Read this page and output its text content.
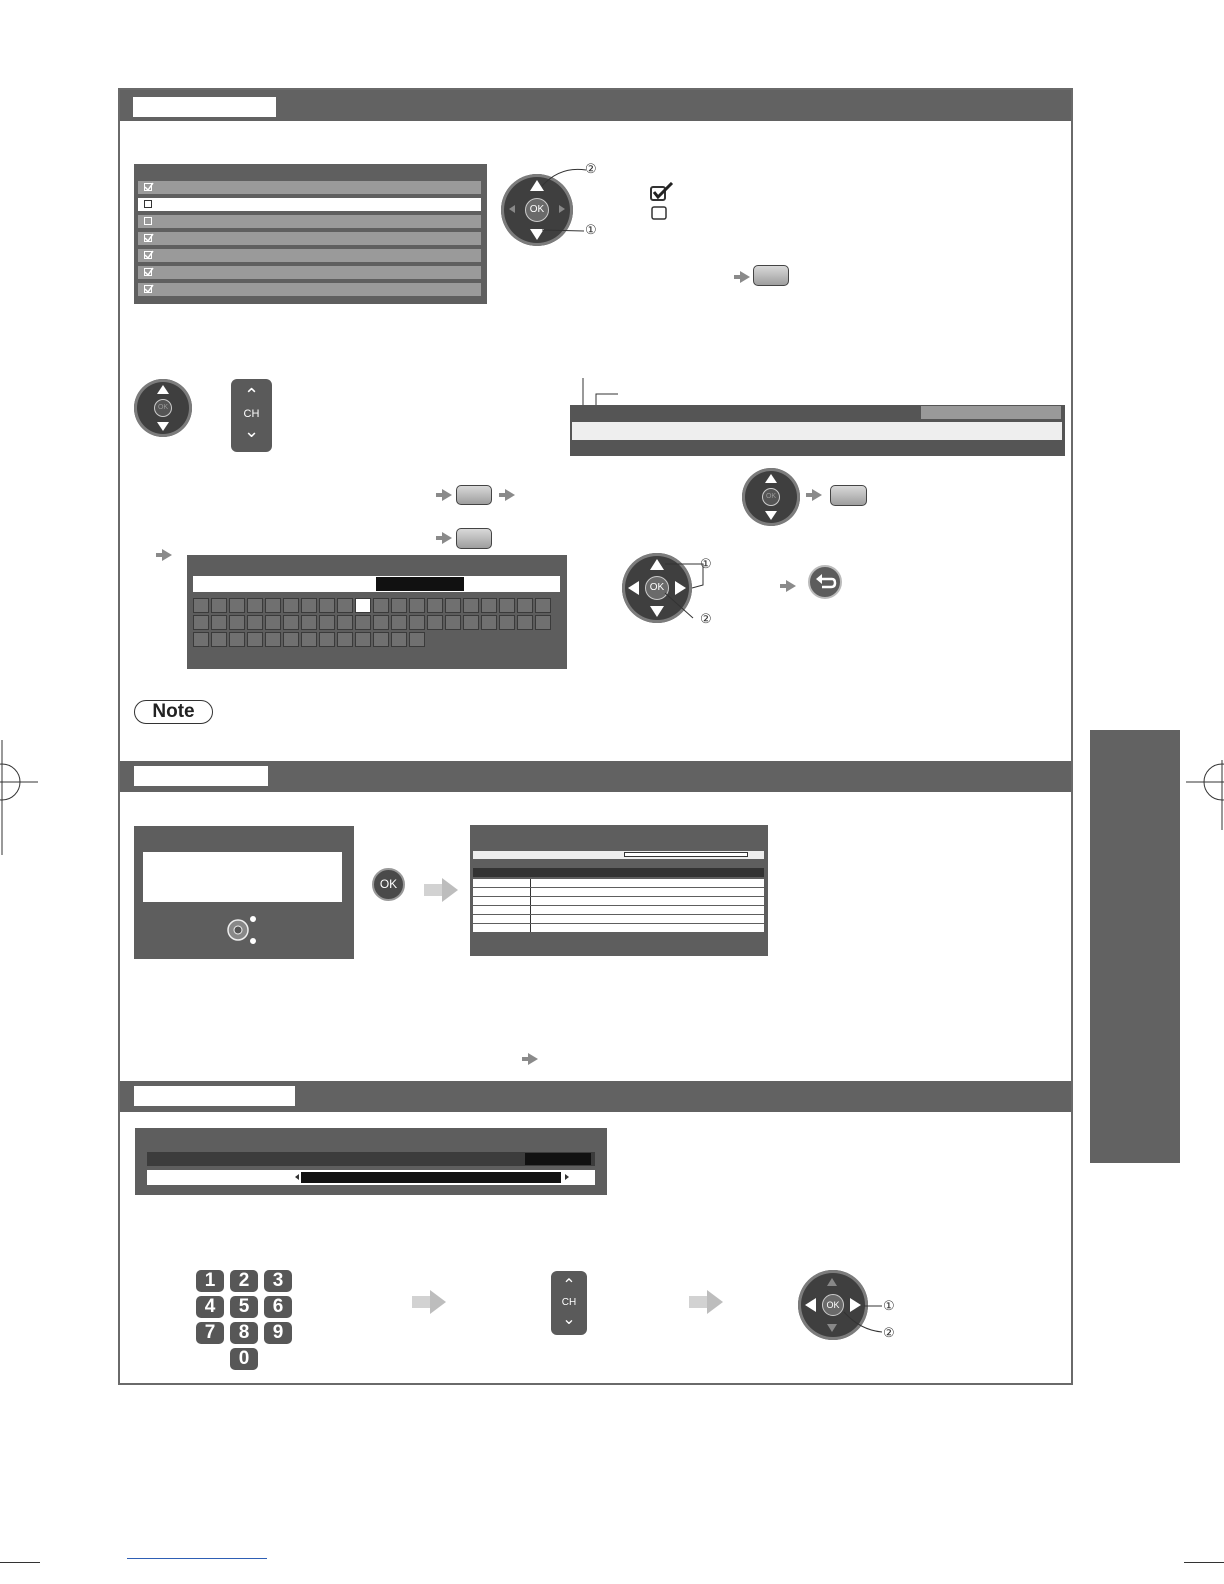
OK
②
①
OK
⌃
CH
⌄
OK
OK
①
②
Note
OK
1	2	3
4	5	6
7	8	9
0
⌃
CH
⌄
OK	①
②
